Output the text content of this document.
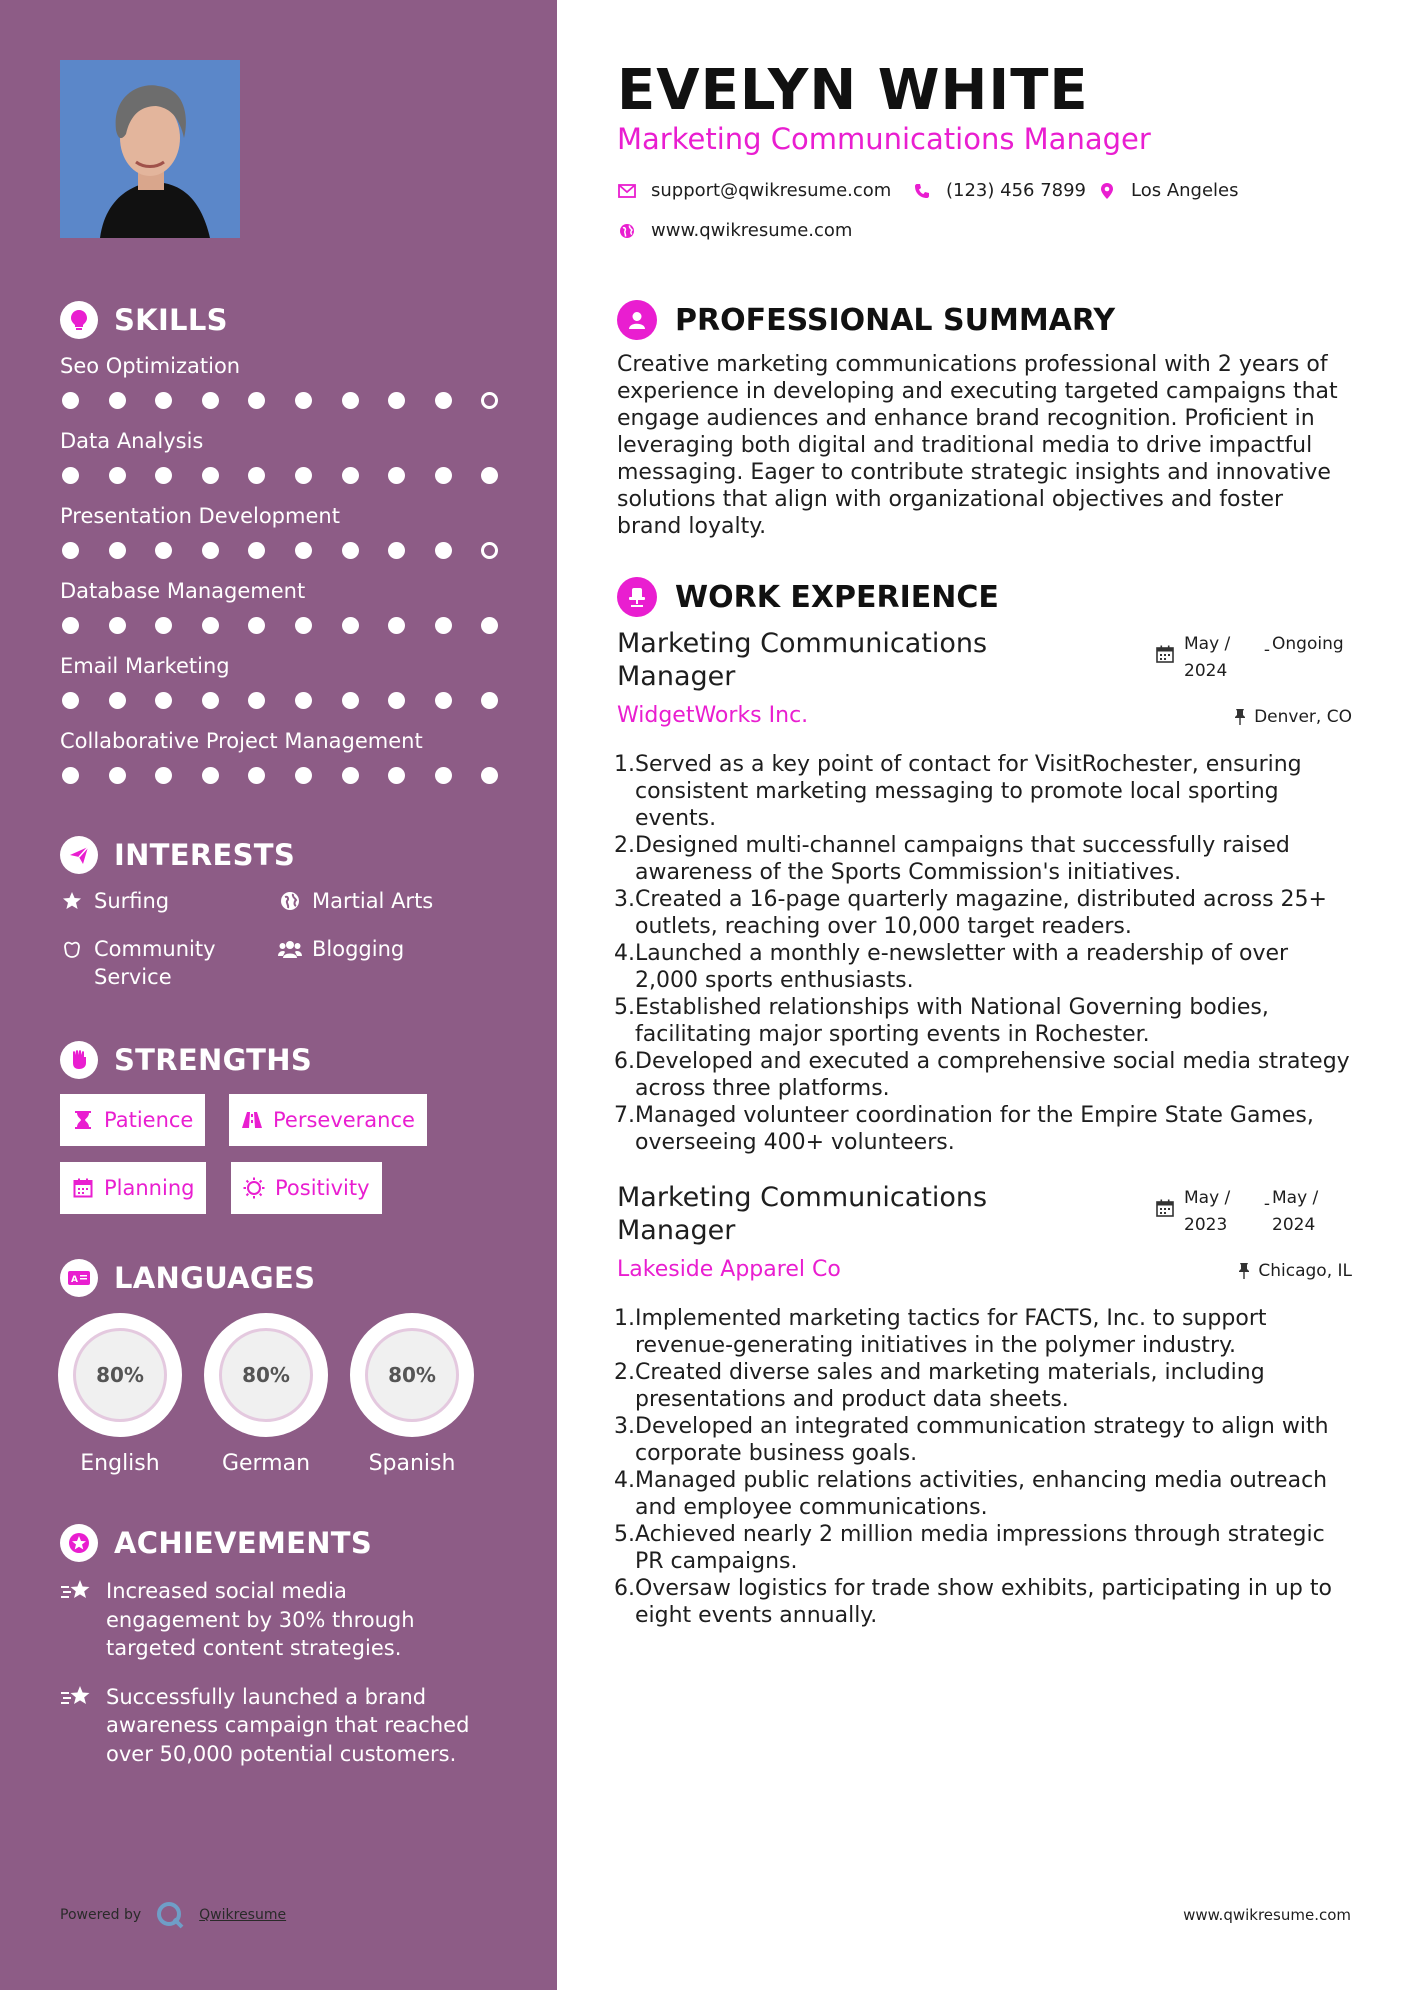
SKILLS
Seo Optimization
Data Analysis
Presentation Development
Database Management
Email Marketing
Collaborative Project Management
INTERESTS
Surfing	Martial Arts
Community Service
Blogging
STRENGTHS
Patience	Perseverance
Planning	Positivity
A LANGUAGES
80%
English
80%
German
80%
Spanish
ACHIEVEMENTS
Increased social media engagement by 30% through targeted content strategies.
Successfully launched a brand awareness campaign that reached over 50,000 potential customers.
Powered by	Qwikresume
EVELYN WHITE
Marketing Communications Manager
support@qwikresume.com	(123) 456 7899 Los Angeles
www.qwikresume.com
PROFESSIONAL SUMMARY
Creative marketing communications professional with 2 years of experience in developing and executing targeted campaigns that engage audiences and enhance brand recognition. Proficient in leveraging both digital and traditional media to drive impactful messaging. Eager to contribute strategic insights and innovative solutions that align with organizational objectives and foster brand loyalty.
WORK EXPERIENCE
Marketing Communications Manager
May / 2024
- Ongoing
WidgetWorks Inc.	Denver, CO
1. Served as a key point of contact for VisitRochester, ensuring consistent marketing messaging to promote local sporting events.
2. Designed multi-channel campaigns that successfully raised awareness of the Sports Commission's initiatives.
3. Created a 16-page quarterly magazine, distributed across 25+ outlets, reaching over 10,000 target readers.
4. Launched a monthly e-newsletter with a readership of over 2,000 sports enthusiasts.
5. Established relationships with National Governing bodies, facilitating major sporting events in Rochester.
6. Developed and executed a comprehensive social media strategy across three platforms.
7. Managed volunteer coordination for the Empire State Games, overseeing 400+ volunteers.
Marketing Communications Manager
May / 2023
- May / 2024
Lakeside Apparel Co	Chicago, IL
1. Implemented marketing tactics for FACTS, Inc. to support revenue-generating initiatives in the polymer industry.
2. Created diverse sales and marketing materials, including presentations and product data sheets.
3. Developed an integrated communication strategy to align with corporate business goals.
4. Managed public relations activities, enhancing media outreach and employee communications.
5. Achieved nearly 2 million media impressions through strategic PR campaigns.
6. Oversaw logistics for trade show exhibits, participating in up to eight events annually.
www.qwikresume.com
